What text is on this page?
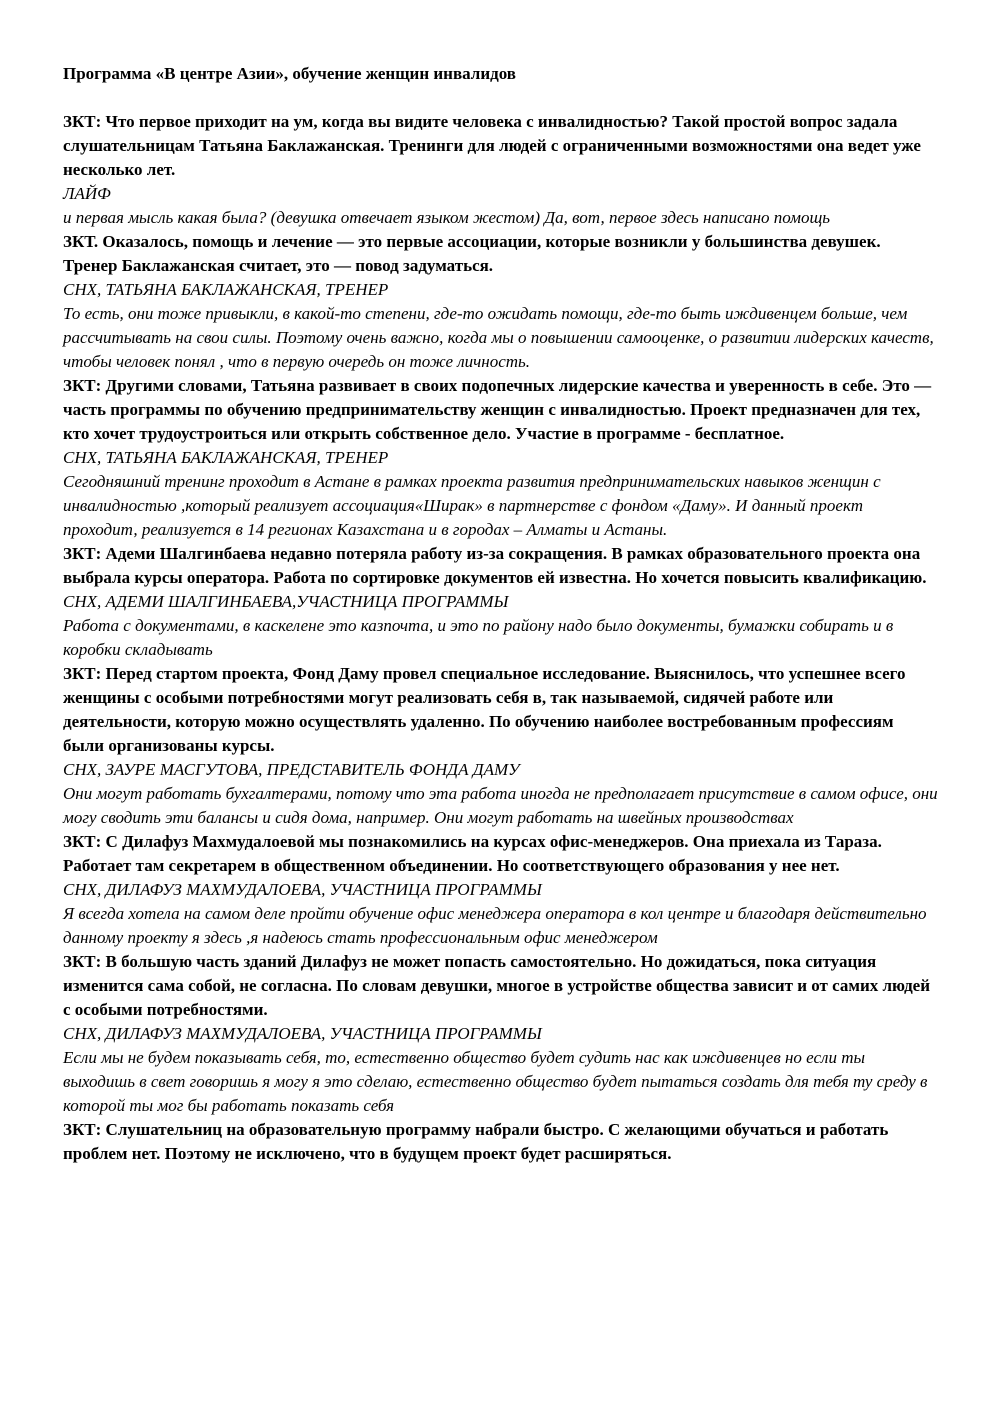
Программа «В центре Азии», обучение женщин инвалидов

ЗКТ: Что первое приходит на ум, когда вы видите человека с инвалидностью? Такой простой вопрос задала слушательницам Татьяна Баклажанская. Тренинги для людей с ограниченными возможностями она ведет уже несколько лет.

ЛАЙФ

и первая мысль какая была? (девушка отвечает языком жестом) Да, вот, первое здесь написано помощь

ЗКТ. Оказалось, помощь и лечение — это первые ассоциации, которые возникли у большинства девушек. Тренер Баклажанская считает, это — повод задуматься.

СНХ, ТАТЬЯНА БАКЛАЖАНСКАЯ, ТРЕНЕР

То есть, они тоже привыкли, в какой-то степени, где-то ожидать помощи, где-то быть иждивенцем больше, чем рассчитывать на свои силы. Поэтому очень важно, когда мы о повышении самооценке, о развитии лидерских качеств, чтобы человек понял , что в первую очередь он тоже личность.

ЗКТ: Другими словами, Татьяна развивает в своих подопечных лидерские качества и уверенность в себе. Это — часть программы по обучению предпринимательству женщин с инвалидностью. Проект предназначен для тех, кто хочет трудоустроиться или открыть собственное дело. Участие в программе - бесплатное.

СНХ, ТАТЬЯНА БАКЛАЖАНСКАЯ, ТРЕНЕР

Сегодняшний тренинг проходит в Астане в рамках проекта развития предпринимательских навыков женщин с инвалидностью ,который реализует ассоциация«Ширак» в партнерстве с фондом «Даму». И данный проект проходит, реализуется в 14 регионах Казахстана и в городах – Алматы и Астаны.

ЗКТ: Адеми Шалгинбаева недавно потеряла работу из-за сокращения. В рамках образовательного проекта она выбрала курсы оператора. Работа по сортировке документов ей известна. Но хочется повысить квалификацию.

СНХ, АДЕМИ ШАЛГИНБАЕВА,УЧАСТНИЦА ПРОГРАММЫ

Работа с документами, в каскелене это казпочта, и это по району надо было документы, бумажки собирать и в коробки складывать

ЗКТ: Перед стартом проекта, Фонд Даму провел специальное исследование. Выяснилось, что успешнее всего женщины с особыми потребностями могут реализовать себя в, так называемой, сидячей работе или деятельности, которую можно осуществлять удаленно. По обучению наиболее востребованным профессиям были организованы курсы.

СНХ, ЗАУРЕ МАСГУТОВА, ПРЕДСТАВИТЕЛЬ ФОНДА ДАМУ

Они могут работать бухгалтерами, потому что эта работа иногда не предполагает присутствие в самом офисе, они могу сводить эти балансы и сидя дома, например. Они могут работать на швейных производствах

ЗКТ: С Дилафуз Махмудалоевой мы познакомились на курсах офис-менеджеров. Она приехала из Тараза. Работает там секретарем в общественном объединении. Но соответствующего образования у нее нет.

СНХ, ДИЛАФУЗ МАХМУДАЛОЕВА, УЧАСТНИЦА ПРОГРАММЫ

Я всегда хотела на самом деле пройти обучение офис менеджера оператора в кол центре и благодаря действительно данному проекту я здесь ,я надеюсь стать профессиональным офис менеджером

ЗКТ: В большую часть зданий Дилафуз не может попасть самостоятельно. Но дожидаться, пока ситуация изменится сама собой, не согласна. По словам девушки, многое в устройстве общества зависит и от самих людей с особыми потребностями.

СНХ, ДИЛАФУЗ МАХМУДАЛОЕВА, УЧАСТНИЦА ПРОГРАММЫ

Если мы не будем показывать себя, то, естественно общество будет судить нас как иждивенцев но если ты выходишь в свет говоришь я могу я это сделаю, естественно общество будет пытаться создать для тебя ту среду в которой ты мог бы работать показать себя

ЗКТ: Слушательниц на образовательную программу набрали быстро. С желающими обучаться и работать проблем нет. Поэтому не исключено, что в будущем проект будет расширяться.
